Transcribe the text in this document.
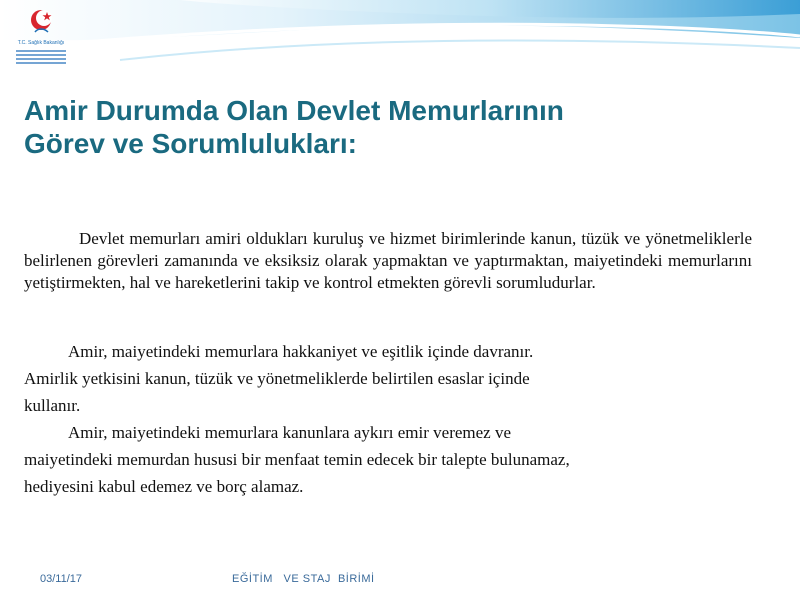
T.C. Sağlık Bakanlığı
Amir Durumda Olan Devlet Memurlarının
Görev ve Sorumlulukları:

Devlet memurları amiri oldukları kuruluş ve hizmet birimlerinde kanun, tüzük ve yönetmeliklerle belirlenen görevleri zamanında ve eksiksiz olarak yapmaktan ve yaptırmaktan, maiyetindeki memurlarını yetiştirmekten, hal ve hareketlerini takip ve kontrol etmekten görevli sorumludurlar.

Amir, maiyetindeki memurlara hakkaniyet ve eşitlik içinde davranır.
Amirlik yetkisini kanun, tüzük ve yönetmeliklerde belirtilen esaslar içinde
kullanır.
Amir, maiyetindeki memurlara kanunlara aykırı emir veremez ve
maiyetindeki memurdan hususi bir menfaat temin edecek bir talepte bulunamaz,
hediyesini kabul edemez ve borç alamaz.
03/11/17	EĞİTİM   VE STAJ  BİRİMİ
